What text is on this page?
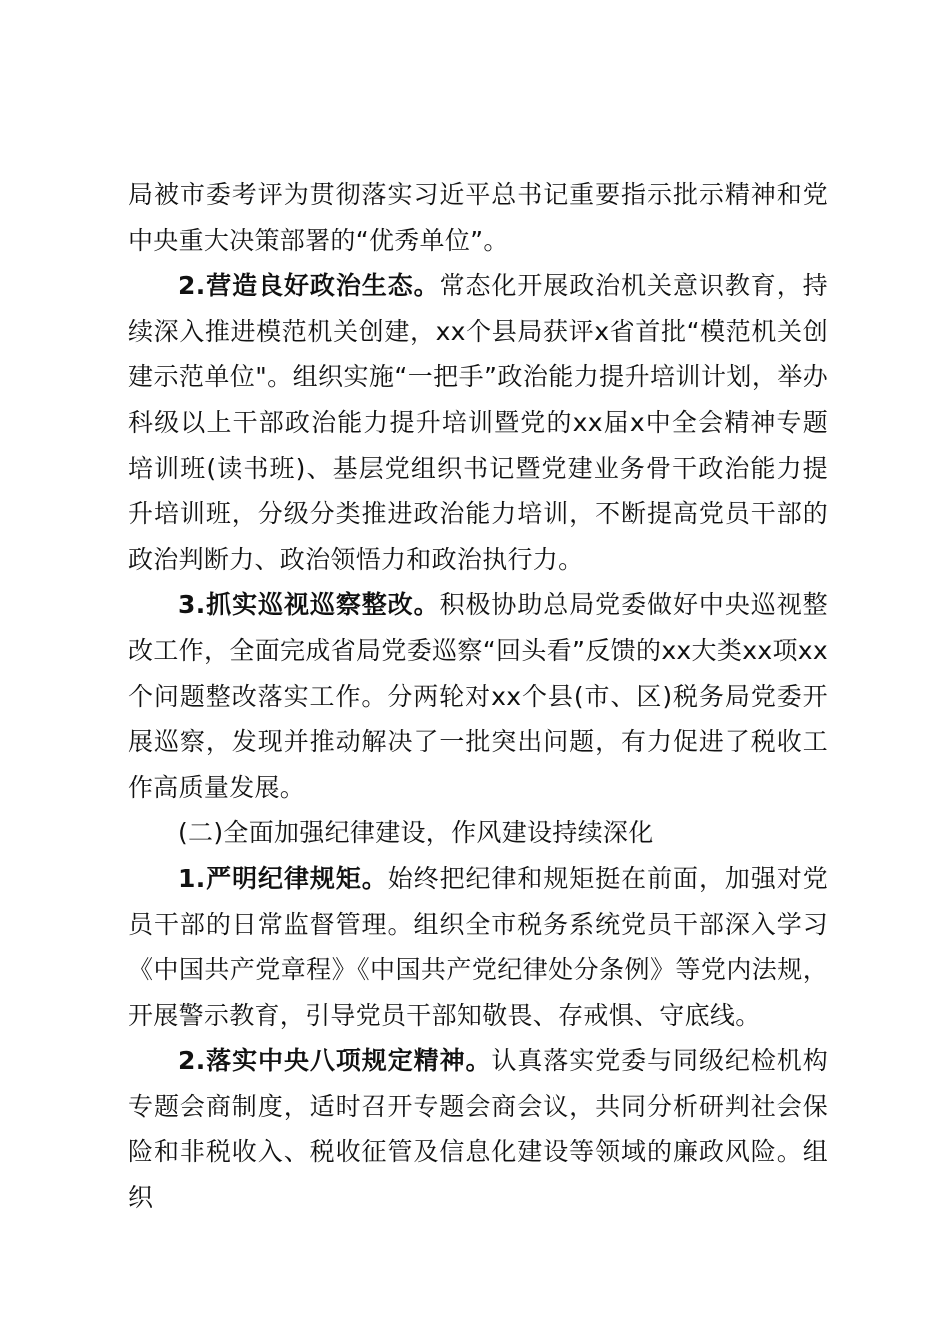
局被市委考评为贯彻落实习近平总书记重要指示批示精神和党中央重大决策部署的“优秀单位”。

2.营造良好政治生态。常态化开展政治机关意识教育，持续深入推进模范机关创建，xx个县局获评x省首批“模范机关创建示范单位"。组织实施“一把手”政治能力提升培训计划，举办科级以上干部政治能力提升培训暨党的xx届x中全会精神专题培训班(读书班)、基层党组织书记暨党建业务骨干政治能力提升培训班，分级分类推进政治能力培训，不断提高党员干部的政治判断力、政治领悟力和政治执行力。

3.抓实巡视巡察整改。积极协助总局党委做好中央巡视整改工作，全面完成省局党委巡察“回头看”反馈的xx大类xx项xx个问题整改落实工作。分两轮对xx个县(市、区)税务局党委开展巡察，发现并推动解决了一批突出问题，有力促进了税收工作高质量发展。

(二)全面加强纪律建设，作风建设持续深化

1.严明纪律规矩。始终把纪律和规矩挺在前面，加强对党员干部的日常监督管理。组织全市税务系统党员干部深入学习《中国共产党章程》《中国共产党纪律处分条例》等党内法规，开展警示教育，引导党员干部知敬畏、存戒惧、守底线。

2.落实中央八项规定精神。认真落实党委与同级纪检机构专题会商制度，适时召开专题会商会议，共同分析研判社会保险和非税收入、税收征管及信息化建设等领域的廉政风险。组织
